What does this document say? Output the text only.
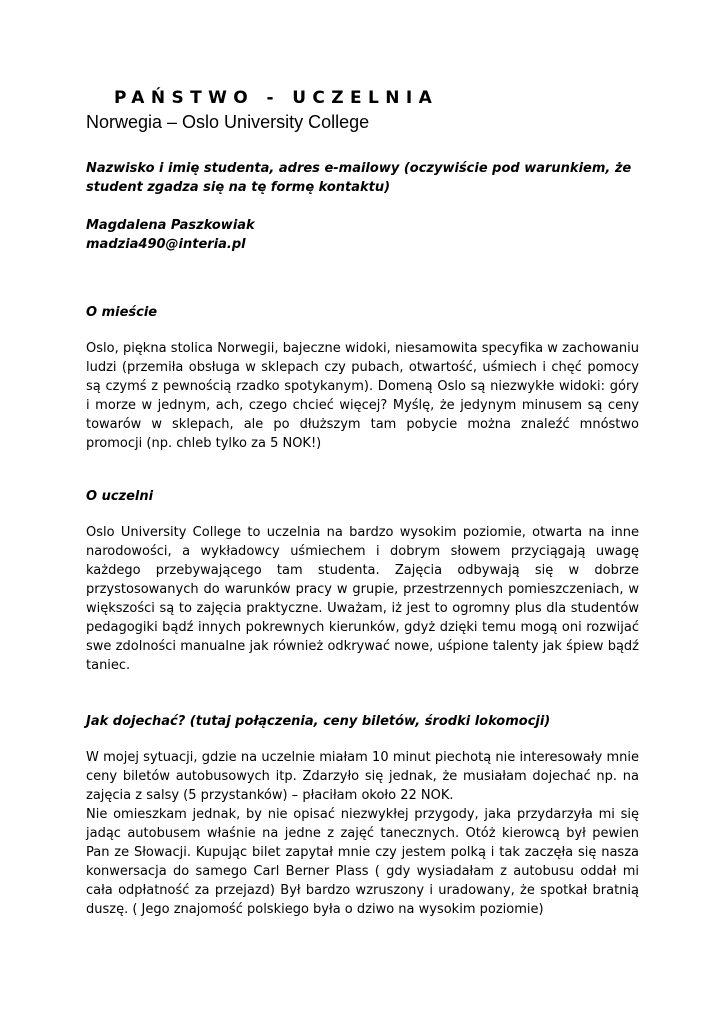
PAŃSTWO - UCZELNIA
Norwegia – Oslo University College

Nazwisko i imię studenta, adres e-mailowy (oczywiście pod warunkiem, że student zgadza się na tę formę kontaktu)

Magdalena Paszkowiak

madzia490@interia.pl

O mieście

Oslo, piękna stolica Norwegii, bajeczne widoki, niesamowita specyfika w zachowaniu ludzi (przemiła obsługa w sklepach czy pubach, otwartość, uśmiech i chęć pomocy są czymś z pewnością rzadko spotykanym). Domeną Oslo są niezwykłe widoki: góry i morze w jednym, ach, czego chcieć więcej? Myślę, że jedynym minusem są ceny towarów w sklepach, ale po dłuższym tam pobycie można znaleźć mnóstwo promocji (np. chleb tylko za 5 NOK!)

O uczelni

Oslo University College to uczelnia na bardzo wysokim poziomie, otwarta na inne narodowości, a wykładowcy uśmiechem i dobrym słowem przyciągają uwagę każdego przebywającego tam studenta. Zajęcia odbywają się w dobrze przystosowanych do warunków pracy w grupie, przestrzennych pomieszczeniach, w większości są to zajęcia praktyczne. Uważam, iż jest to ogromny plus dla studentów pedagogiki bądź innych pokrewnych kierunków, gdyż dzięki temu mogą oni rozwijać swe zdolności manualne jak również odkrywać nowe, uśpione talenty jak śpiew bądź taniec.

Jak dojechać? (tutaj połączenia, ceny biletów, środki lokomocji)

W mojej sytuacji, gdzie na uczelnie miałam 10 minut piechotą nie interesowały mnie ceny biletów autobusowych itp. Zdarzyło się jednak, że musiałam dojechać np. na zajęcia z salsy (5 przystanków) – płaciłam około 22 NOK.

Nie omieszkam jednak, by nie opisać niezwykłej przygody, jaka przydarzyła mi się jadąc autobusem właśnie na jedne z zajęć tanecznych. Otóż kierowcą był pewien Pan ze Słowacji. Kupując bilet zapytał mnie czy jestem polką i tak zaczęła się nasza konwersacja do samego Carl Berner Plass ( gdy wysiadałam z autobusu oddał mi cała odpłatność za przejazd) Był bardzo wzruszony i uradowany, że spotkał bratnią duszę. ( Jego znajomość polskiego była o dziwo na wysokim poziomie)
